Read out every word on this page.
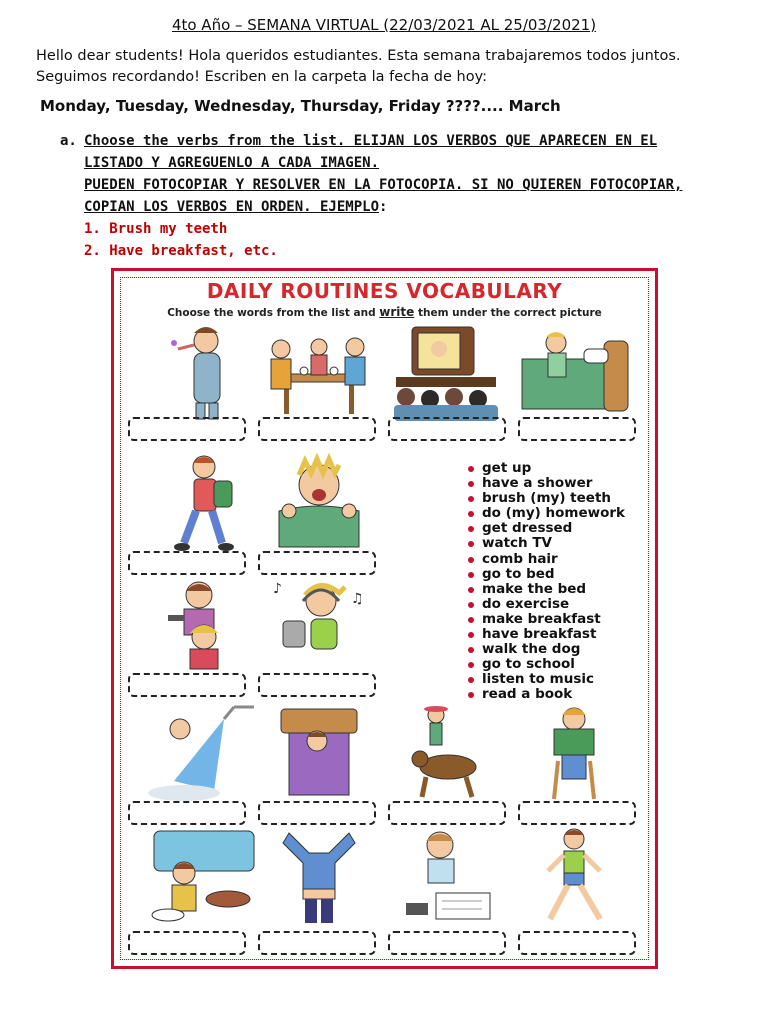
4to Año – SEMANA VIRTUAL (22/03/2021 AL 25/03/2021)
Hello dear students! Hola queridos estudiantes. Esta semana trabajaremos todos juntos. Seguimos recordando! Escriben en la carpeta la fecha de hoy:
Monday, Tuesday, Wednesday, Thursday, Friday ????.... March
a. Choose the verbs from the list. ELIJAN LOS VERBOS QUE APARECEN EN EL LISTADO Y AGREGUENLO A CADA IMAGEN.
PUEDEN FOTOCOPIAR Y RESOLVER EN LA FOTOCOPIA. SI NO QUIEREN FOTOCOPIAR, COPIAN LOS VERBOS EN ORDEN. EJEMPLO:
1. Brush my teeth
2. Have breakfast, etc.
DAILY ROUTINES VOCABULARY
Choose the words from the list and write them under the correct picture
♪
♫
get up
have a shower
brush (my) teeth
do (my) homework
get dressed
watch TV
comb hair
go to bed
make the bed
do exercise
make breakfast
have breakfast
walk the dog
go to school
listen to music
read a book
